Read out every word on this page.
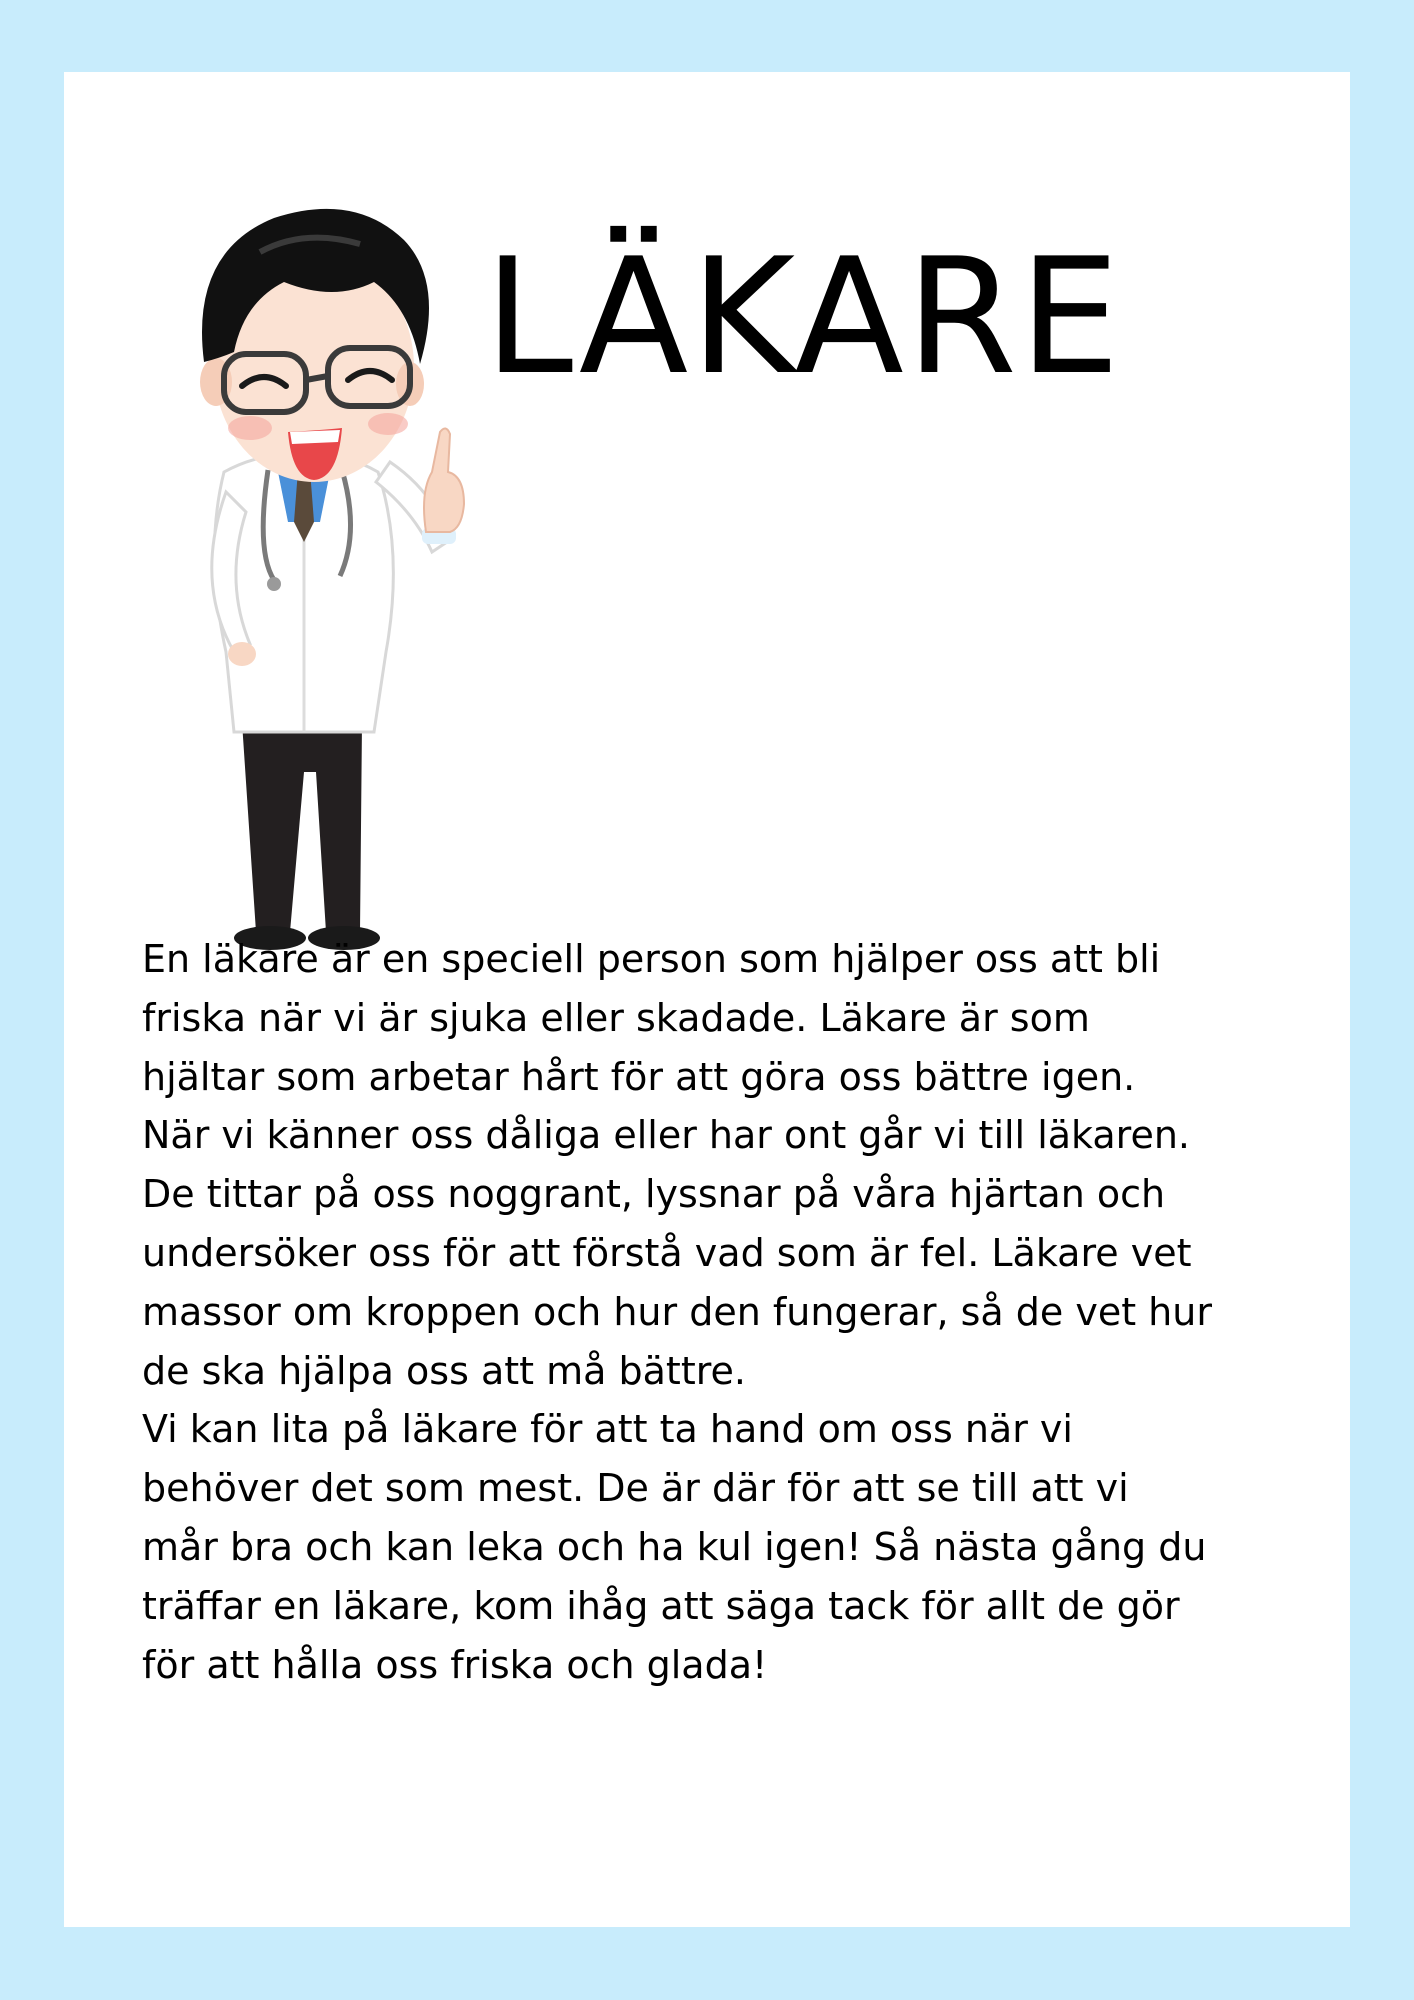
LÄKARE

En läkare är en speciell person som hjälper oss att bli
friska när vi är sjuka eller skadade. Läkare är som
hjältar som arbetar hårt för att göra oss bättre igen.
När vi känner oss dåliga eller har ont går vi till läkaren.
De tittar på oss noggrant, lyssnar på våra hjärtan och
undersöker oss för att förstå vad som är fel. Läkare vet
massor om kroppen och hur den fungerar, så de vet hur
de ska hjälpa oss att må bättre.
Vi kan lita på läkare för att ta hand om oss när vi
behöver det som mest. De är där för att se till att vi
mår bra och kan leka och ha kul igen! Så nästa gång du
träffar en läkare, kom ihåg att säga tack för allt de gör
för att hålla oss friska och glada!
